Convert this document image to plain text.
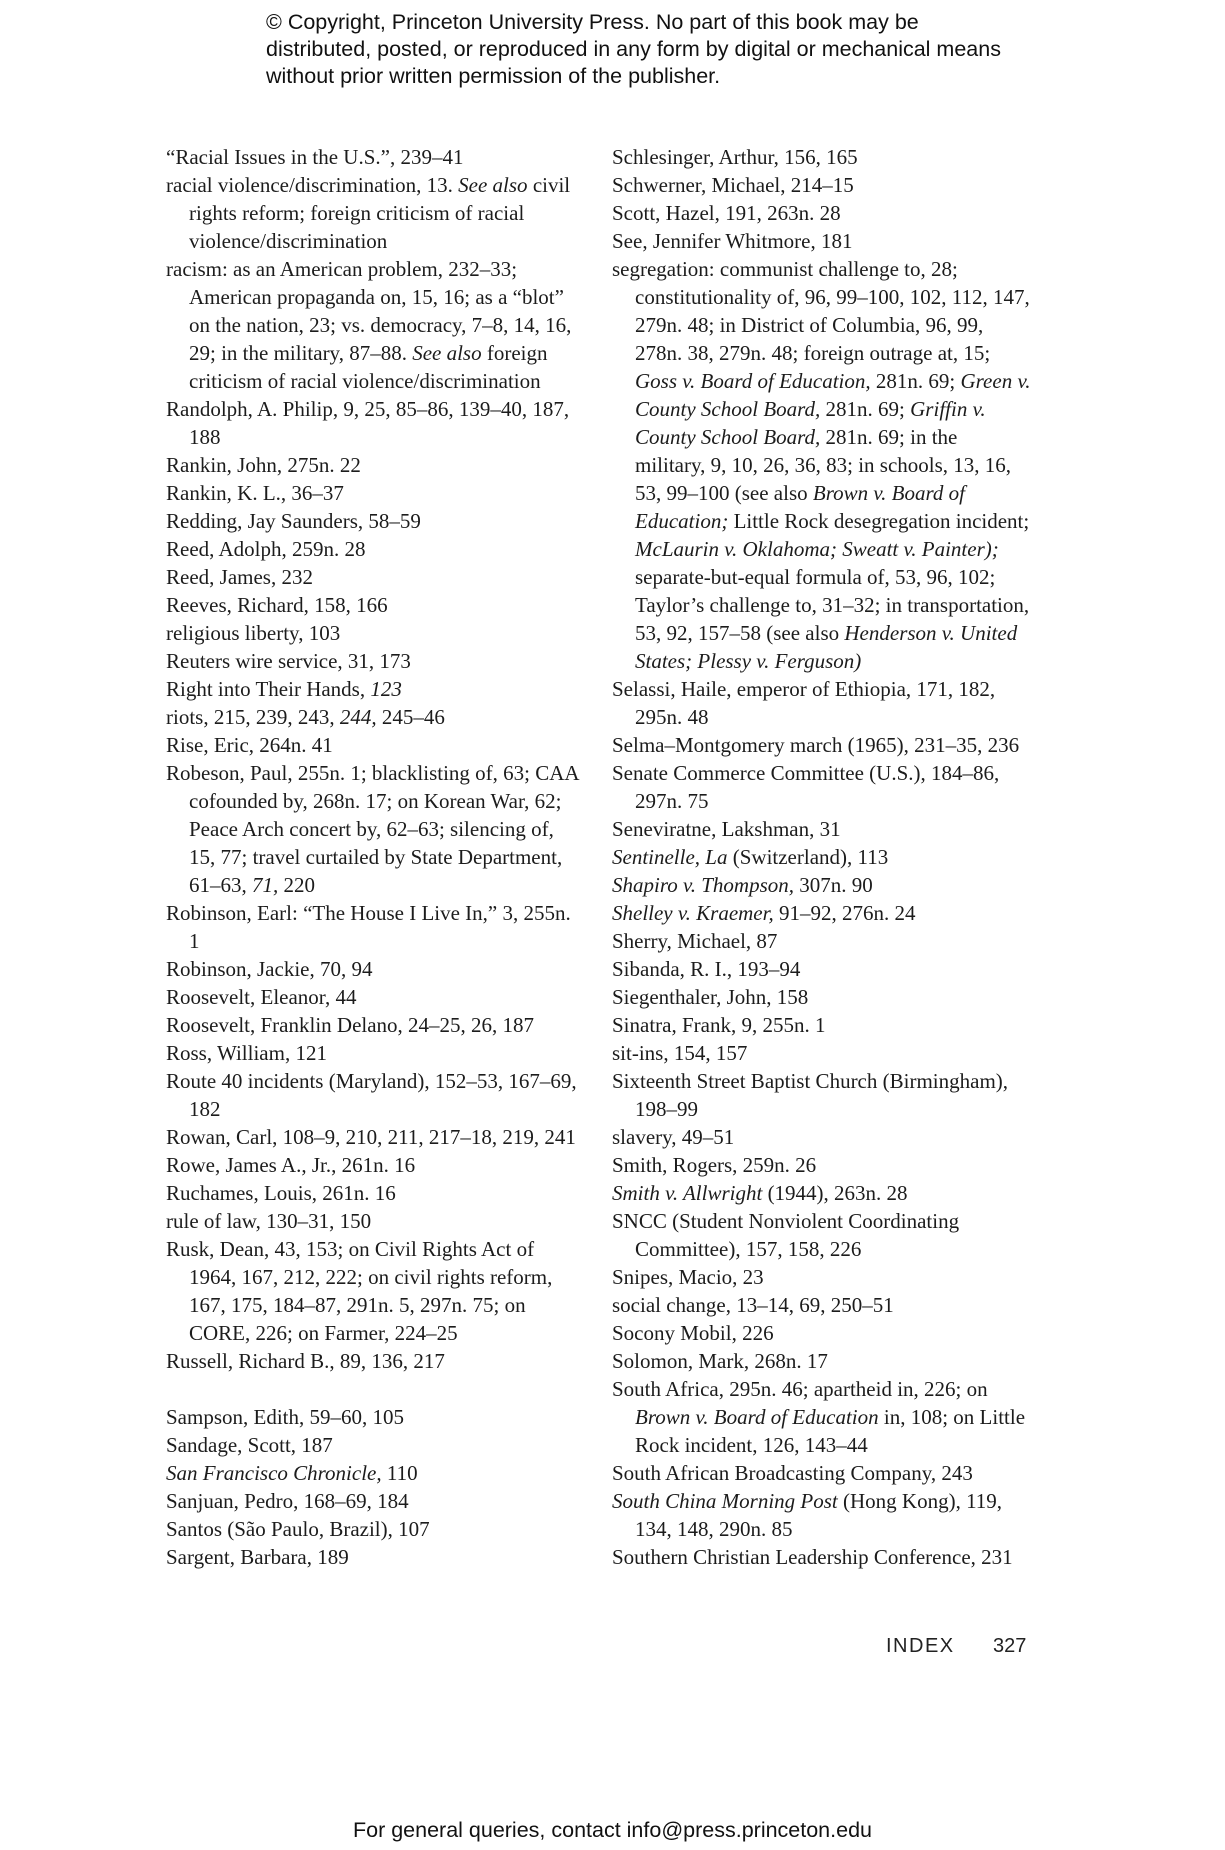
© Copyright, Princeton University Press. No part of this book may be distributed, posted, or reproduced in any form by digital or mechanical means without prior written permission of the publisher.

“Racial Issues in the U.S.”, 239–41

racial violence/discrimination, 13. See also civil rights reform; foreign criticism of racial violence/discrimination

racism: as an American problem, 232–33; American propaganda on, 15, 16; as a “blot” on the nation, 23; vs. democracy, 7–8, 14, 16, 29; in the military, 87–88. See also foreign criticism of racial violence/discrimination

Randolph, A. Philip, 9, 25, 85–86, 139–40, 187, 188

Rankin, John, 275n. 22

Rankin, K. L., 36–37

Redding, Jay Saunders, 58–59

Reed, Adolph, 259n. 28

Reed, James, 232

Reeves, Richard, 158, 166

religious liberty, 103

Reuters wire service, 31, 173

Right into Their Hands, 123

riots, 215, 239, 243, 244, 245–46

Rise, Eric, 264n. 41

Robeson, Paul, 255n. 1; blacklisting of, 63; CAA cofounded by, 268n. 17; on Korean War, 62; Peace Arch concert by, 62–63; silencing of, 15, 77; travel curtailed by State Department, 61–63, 71, 220

Robinson, Earl: “The House I Live In,” 3, 255n. 1

Robinson, Jackie, 70, 94

Roosevelt, Eleanor, 44

Roosevelt, Franklin Delano, 24–25, 26, 187

Ross, William, 121

Route 40 incidents (Maryland), 152–53, 167–69, 182

Rowan, Carl, 108–9, 210, 211, 217–18, 219, 241

Rowe, James A., Jr., 261n. 16

Ruchames, Louis, 261n. 16

rule of law, 130–31, 150

Rusk, Dean, 43, 153; on Civil Rights Act of 1964, 167, 212, 222; on civil rights reform, 167, 175, 184–87, 291n. 5, 297n. 75; on CORE, 226; on Farmer, 224–25

Russell, Richard B., 89, 136, 217

Sampson, Edith, 59–60, 105

Sandage, Scott, 187

San Francisco Chronicle, 110

Sanjuan, Pedro, 168–69, 184

Santos (São Paulo, Brazil), 107

Sargent, Barbara, 189

Schlesinger, Arthur, 156, 165

Schwerner, Michael, 214–15

Scott, Hazel, 191, 263n. 28

See, Jennifer Whitmore, 181

segregation: communist challenge to, 28; constitutionality of, 96, 99–100, 102, 112, 147, 279n. 48; in District of Columbia, 96, 99, 278n. 38, 279n. 48; foreign outrage at, 15; Goss v. Board of Education, 281n. 69; Green v. County School Board, 281n. 69; Griffin v. County School Board, 281n. 69; in the military, 9, 10, 26, 36, 83; in schools, 13, 16, 53, 99–100 (see also Brown v. Board of Education; Little Rock desegregation incident; McLaurin v. Oklahoma; Sweatt v. Painter); separate-but-equal formula of, 53, 96, 102; Taylor’s challenge to, 31–32; in transportation, 53, 92, 157–58 (see also Henderson v. United States; Plessy v. Ferguson)

Selassi, Haile, emperor of Ethiopia, 171, 182, 295n. 48

Selma–Montgomery march (1965), 231–35, 236

Senate Commerce Committee (U.S.), 184–86, 297n. 75

Seneviratne, Lakshman, 31

Sentinelle, La (Switzerland), 113

Shapiro v. Thompson, 307n. 90

Shelley v. Kraemer, 91–92, 276n. 24

Sherry, Michael, 87

Sibanda, R. I., 193–94

Siegenthaler, John, 158

Sinatra, Frank, 9, 255n. 1

sit-ins, 154, 157

Sixteenth Street Baptist Church (Birmingham), 198–99

slavery, 49–51

Smith, Rogers, 259n. 26

Smith v. Allwright (1944), 263n. 28

SNCC (Student Nonviolent Coordinating Committee), 157, 158, 226

Snipes, Macio, 23

social change, 13–14, 69, 250–51

Socony Mobil, 226

Solomon, Mark, 268n. 17

South Africa, 295n. 46; apartheid in, 226; on Brown v. Board of Education in, 108; on Little Rock incident, 126, 143–44

South African Broadcasting Company, 243

South China Morning Post (Hong Kong), 119, 134, 148, 290n. 85

Southern Christian Leadership Conference, 231

INDEX 327
For general queries, contact info@press.princeton.edu
